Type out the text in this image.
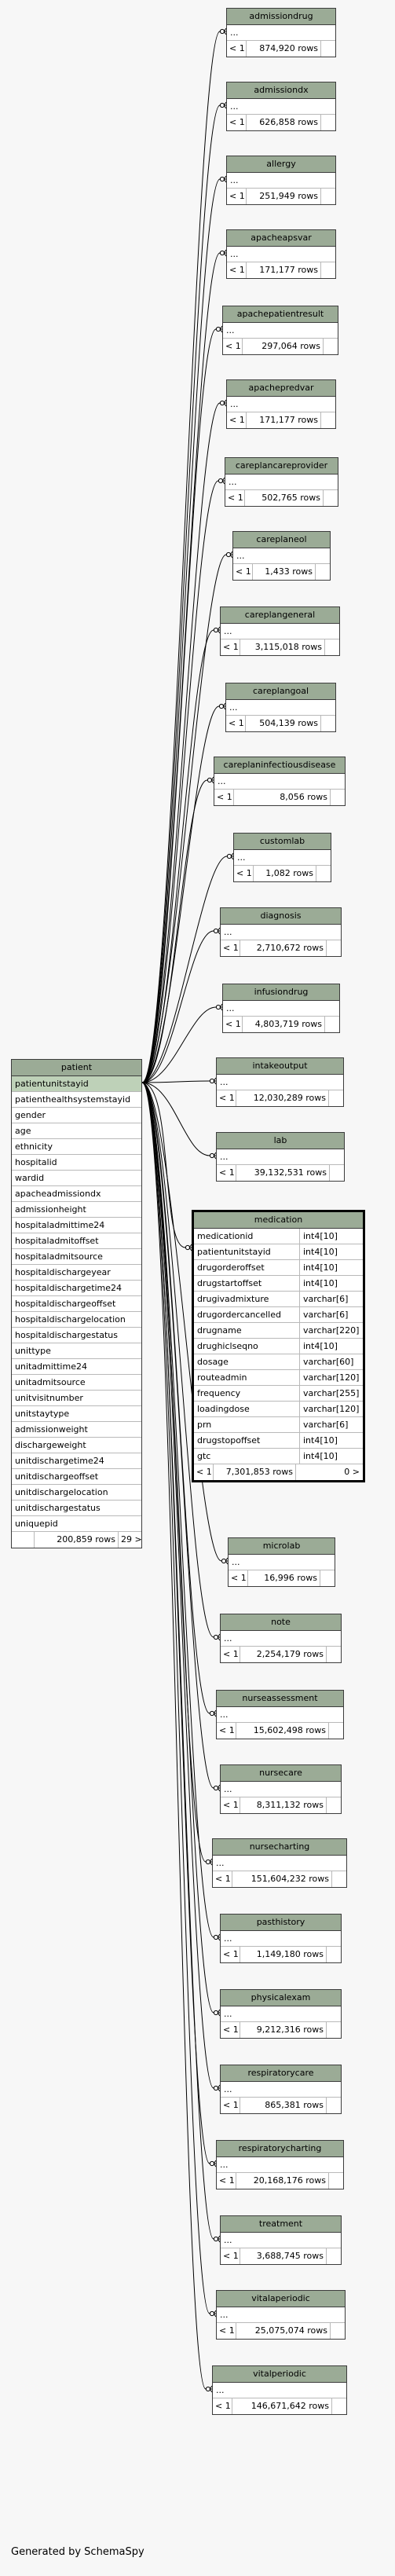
patient
patientunitstayid
patienthealthsystemstayid
gender
age
ethnicity
hospitalid
wardid
apacheadmissiondx
admissionheight
hospitaladmittime24
hospitaladmitoffset
hospitaladmitsource
hospitaldischargeyear
hospitaldischargetime24
hospitaldischargeoffset
hospitaldischargelocation
hospitaldischargestatus
unittype
unitadmittime24
unitadmitsource
unitvisitnumber
unitstaytype
admissionweight
dischargeweight
unitdischargetime24
unitdischargeoffset
unitdischargelocation
unitdischargestatus
uniquepid
200,859 rows 29 >
admissiondrug
...
< 1	874,920 rows
admissiondx
...
< 1	626,858 rows
allergy
...
< 1	251,949 rows
apacheapsvar
...
< 1	171,177 rows
apachepatientresult
...
< 1	297,064 rows
apachepredvar
...
< 1	171,177 rows
careplancareprovider
...
< 1	502,765 rows
careplaneol
...
< 1	1,433 rows
careplangeneral
...
< 1	3,115,018 rows
careplangoal
...
< 1	504,139 rows
careplaninfectiousdisease
...
< 1	8,056 rows
customlab
...
< 1	1,082 rows
diagnosis
...
< 1	2,710,672 rows
infusiondrug
...
< 1	4,803,719 rows
intakeoutput
...
< 1	12,030,289 rows
lab
...
< 1	39,132,531 rows
microlab
...
< 1	16,996 rows
note
...
< 1	2,254,179 rows
nurseassessment
...
< 1	15,602,498 rows
nursecare
...
< 1	8,311,132 rows
nursecharting
...
< 1	151,604,232 rows
pasthistory
...
< 1	1,149,180 rows
physicalexam
...
< 1	9,212,316 rows
respiratorycare
...
< 1	865,381 rows
respiratorycharting
...
< 1	20,168,176 rows
treatment
...
< 1	3,688,745 rows
vitalaperiodic
...
< 1	25,075,074 rows
vitalperiodic
...
< 1	146,671,642 rows
medication
medicationid	int4[10]
patientunitstayid	int4[10]
drugorderoffset	int4[10]
drugstartoffset	int4[10]
drugivadmixture	varchar[6]
drugordercancelled	varchar[6]
drugname	varchar[220]
drughiclseqno	int4[10]
dosage	varchar[60]
routeadmin	varchar[120]
frequency	varchar[255]
loadingdose	varchar[120]
prn	varchar[6]
drugstopoffset	int4[10]
gtc	int4[10]
< 1	7,301,853 rows	0 >
Generated by SchemaSpy
